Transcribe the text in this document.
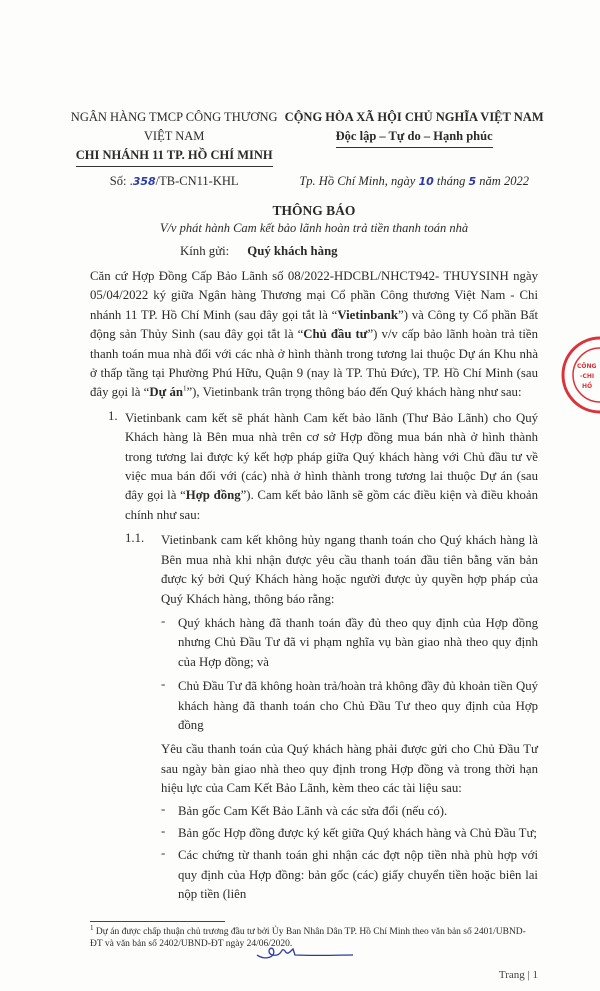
NGÂN HÀNG TMCP CÔNG THƯƠNG
VIỆT NAM
CHI NHÁNH 11 TP. HỒ CHÍ MINH
Số: .358/TB-CN11-KHL
CỘNG HÒA XÃ HỘI CHỦ NGHĨA VIỆT NAM
Độc lập – Tự do – Hạnh phúc
Tp. Hồ Chí Minh, ngày 10 tháng 5 năm 2022
THÔNG BÁO
V/v phát hành Cam kết bảo lãnh hoàn trả tiền thanh toán nhà
Kính gửi: Quý khách hàng

Căn cứ Hợp Đồng Cấp Bảo Lãnh số 08/2022-HDCBL/NHCT942- THUYSINH ngày 05/04/2022 ký giữa Ngân hàng Thương mại Cổ phần Công thương Việt Nam - Chi nhánh 11 TP. Hồ Chí Minh (sau đây gọi tắt là “Vietinbank”) và Công ty Cổ phần Bất động sản Thủy Sinh (sau đây gọi tắt là “Chủ đầu tư”) v/v cấp bảo lãnh hoàn trả tiền thanh toán mua nhà đối với các nhà ở hình thành trong tương lai thuộc Dự án Khu nhà ở thấp tầng tại Phường Phú Hữu, Quận 9 (nay là TP. Thủ Đức), TP. Hồ Chí Minh (sau đây gọi là “Dự $án^1$”), Vietinbank trân trọng thông báo đến Quý khách hàng như sau:

1. Vietinbank cam kết sẽ phát hành Cam kết bảo lãnh (Thư Bảo Lãnh) cho Quý Khách hàng là Bên mua nhà trên cơ sở Hợp đồng mua bán nhà ở hình thành trong tương lai được ký kết hợp pháp giữa Quý khách hàng với Chủ đầu tư về việc mua bán đối với (các) nhà ở hình thành trong tương lai thuộc Dự án (sau đây gọi là “Hợp đồng”). Cam kết bảo lãnh sẽ gồm các điều kiện và điều khoản chính như sau:

1.1.	Vietinbank cam kết không hủy ngang thanh toán cho Quý khách hàng là Bên mua nhà khi nhận được yêu cầu thanh toán đầu tiên bằng văn bản được ký bởi Quý Khách hàng hoặc người được ủy quyền hợp pháp của Quý Khách hàng, thông báo rằng:

- Quý khách hàng đã thanh toán đầy đủ theo quy định của Hợp đồng nhưng Chủ Đầu Tư đã vi phạm nghĩa vụ bàn giao nhà theo quy định của Hợp đồng; và

- Chủ Đầu Tư đã không hoàn trả/hoàn trả không đầy đủ khoản tiền Quý khách hàng đã thanh toán cho Chủ Đầu Tư theo quy định của Hợp đồng

Yêu cầu thanh toán của Quý khách hàng phải được gửi cho Chủ Đầu Tư sau ngày bàn giao nhà theo quy định trong Hợp đồng và trong thời hạn hiệu lực của Cam Kết Bảo Lãnh, kèm theo các tài liệu sau:

- Bản gốc Cam Kết Bảo Lãnh và các sửa đổi (nếu có).

- Bản gốc Hợp đồng được ký kết giữa Quý khách hàng và Chủ Đầu Tư;

- Các chứng từ thanh toán ghi nhận các đợt nộp tiền nhà phù hợp với quy định của Hợp đồng: bản gốc (các) giấy chuyển tiền hoặc biên lai nộp tiền (liên

$^1$ Dự án được chấp thuận chủ trương đầu tư bởi Ủy Ban Nhân Dân TP. Hồ Chí Minh theo văn bản số 2401/UBND-ĐT và văn bản số 2402/UBND-ĐT ngày 24/06/2020.
Trang | 1
CÔNG
-CHI
HỒ
